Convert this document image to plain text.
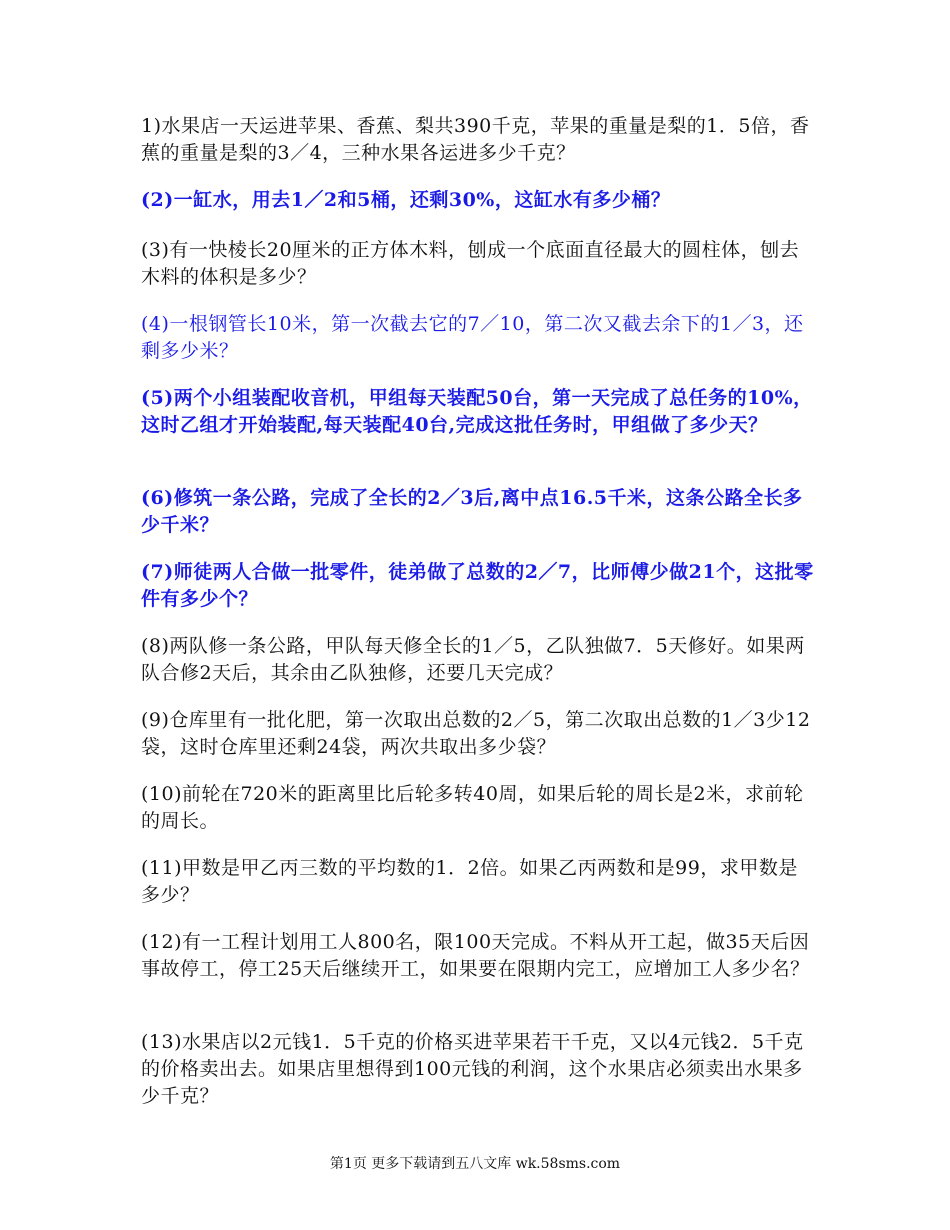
1)水果店一天运进苹果、香蕉、梨共390千克，苹果的重量是梨的1．5倍，香蕉的重量是梨的3／4，三种水果各运进多少千克？

(2)一缸水，用去1／2和5桶，还剩30%，这缸水有多少桶？

(3)有一快棱长20厘米的正方体木料，刨成一个底面直径最大的圆柱体，刨去木料的体积是多少？

(4)一根钢管长10米，第一次截去它的7／10，第二次又截去余下的1／3，还剩多少米？

(5)两个小组装配收音机，甲组每天装配50台，第一天完成了总任务的10%，这时乙组才开始装配,每天装配40台,完成这批任务时，甲组做了多少天？

(6)修筑一条公路，完成了全长的2／3后,离中点16.5千米，这条公路全长多少千米？

(7)师徒两人合做一批零件，徒弟做了总数的2／7，比师傅少做21个，这批零件有多少个？

(8)两队修一条公路，甲队每天修全长的1／5，乙队独做7．5天修好。如果两队合修2天后，其余由乙队独修，还要几天完成？

(9)仓库里有一批化肥，第一次取出总数的2／5，第二次取出总数的1／3少12袋，这时仓库里还剩24袋，两次共取出多少袋？

(10)前轮在720米的距离里比后轮多转40周，如果后轮的周长是2米，求前轮的周长。

(11)甲数是甲乙丙三数的平均数的1．2倍。如果乙丙两数和是99，求甲数是多少？

(12)有一工程计划用工人800名，限100天完成。不料从开工起，做35天后因事故停工，停工25天后继续开工，如果要在限期内完工，应增加工人多少名？

(13)水果店以2元钱1．5千克的价格买进苹果若干千克，又以4元钱2．5千克的价格卖出去。如果店里想得到100元钱的利润，这个水果店必须卖出水果多少千克？

第1页 更多下载请到五八文库 wk.58sms.com
